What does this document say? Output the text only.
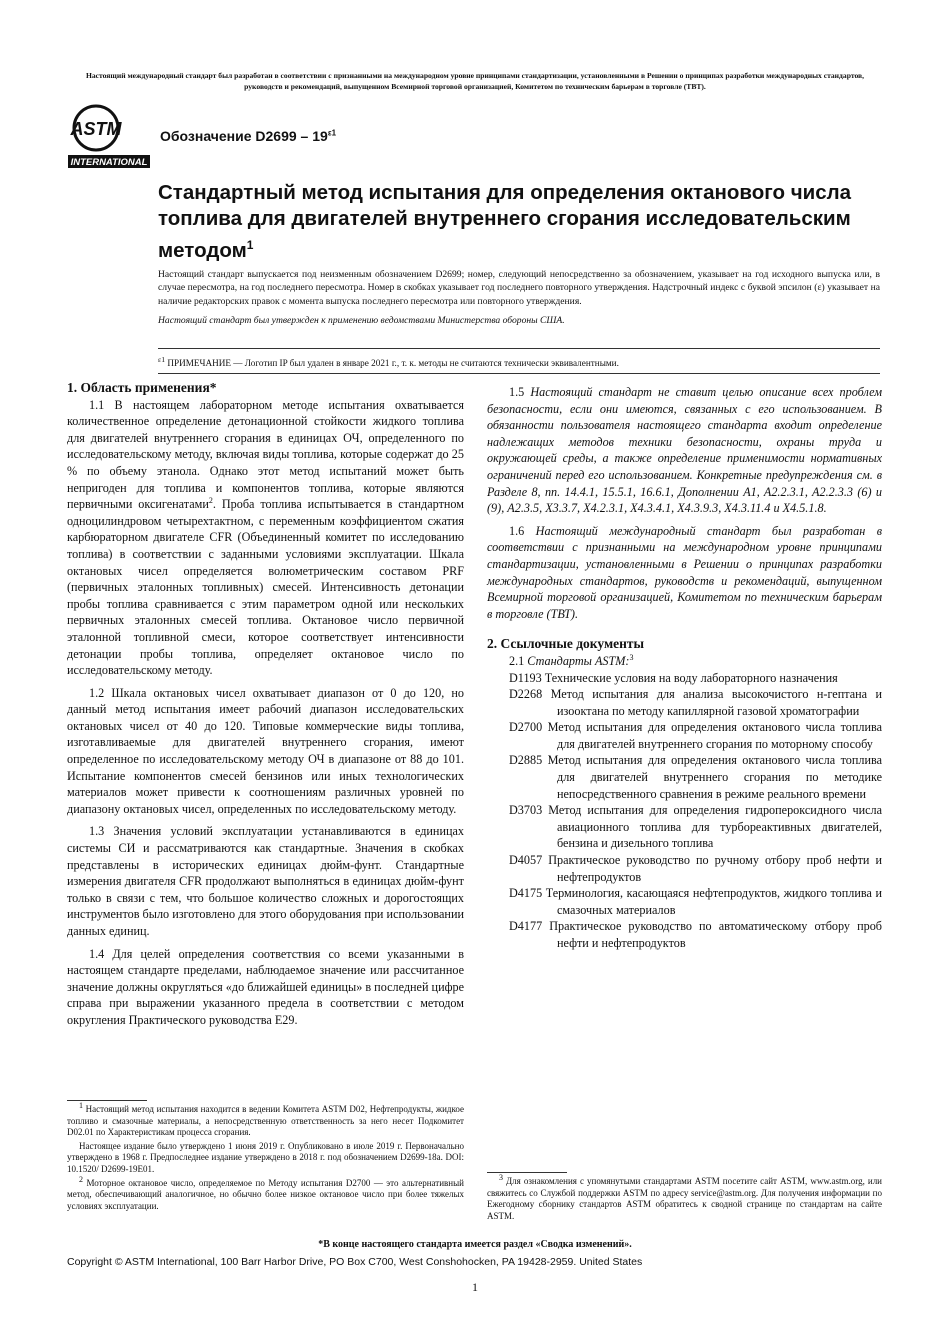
Настоящий международный стандарт был разработан в соответствии с признанными на международном уровне принципами стандартизации, установленными в Решении о принципах разработки международных стандартов, руководств и рекомендаций, выпущенном Всемирной торговой организацией, Комитетом по техническим барьерам в торговле (ТВТ).
ASTM
INTERNATIONAL
Обозначение $D2699 - 19^{\varepsilon 1}$
Стандартный метод испытания для определения октанового числа топлива для двигателей внутреннего сгорания исследовательским методом$^1$

Настоящий стандарт выпускается под неизменным обозначением D2699; номер, следующий непосредственно за обозначением, указывает на год исходного выпуска или, в случае пересмотра, на год последнего пересмотра. Номер в скобках указывает год последнего повторного утверждения. Надстрочный индекс с буквой эпсилон (ε) указывает на наличие редакторских правок с момента выпуска последнего пересмотра или повторного утверждения.

Настоящий стандарт был утвержден к применению ведомствами Министерства обороны США.

$^{\varepsilon 1}$ ПРИМЕЧАНИЕ — Логотип IP был удален в январе 2021 г., т. к. методы не считаются технически эквивалентными.

1. Область применения*

1.1 В настоящем лабораторном методе испытания охватывается количественное определение детонационной стойкости жидкого топлива для двигателей внутреннего сгорания в единицах ОЧ, определенного по исследовательскому методу, включая виды топлива, которые содержат до 25 % по объему этанола. Однако этот метод испытаний может быть непригоден для топлива и компонентов топлива, которые являются первичными оксигенатами$^2$. Проба топлива испытывается в стандартном одноцилиндровом четырехтактном, с переменным коэффициентом сжатия карбюраторном двигателе CFR (Объединенный комитет по исследованию топлива) в соответствии с заданными условиями эксплуатации. Шкала октановых чисел определяется волюметрическим составом PRF (первичных эталонных топливных) смесей. Интенсивность детонации пробы топлива сравнивается с этим параметром одной или нескольких первичных эталонных смесей топлива. Октановое число первичной эталонной топливной смеси, которое соответствует интенсивности детонации пробы топлива, определяет октановое число по исследовательскому методу.

1.2 Шкала октановых чисел охватывает диапазон от 0 до 120, но данный метод испытания имеет рабочий диапазон исследовательских октановых чисел от 40 до 120. Типовые коммерческие виды топлива, изготавливаемые для двигателей внутреннего сгорания, имеют определенное по исследовательскому методу ОЧ в диапазоне от 88 до 101. Испытание компонентов смесей бензинов или иных технологических материалов может привести к соотношениям различных уровней по диапазону октановых чисел, определенных по исследовательскому методу.

1.3 Значения условий эксплуатации устанавливаются в единицах системы СИ и рассматриваются как стандартные. Значения в скобках представлены в исторических единицах дюйм-фунт. Стандартные измерения двигателя CFR продолжают выполняться в единицах дюйм-фунт только в связи с тем, что большое количество сложных и дорогостоящих инструментов было изготовлено для этого оборудования при использовании данных единиц.

1.4 Для целей определения соответствия со всеми указанными в настоящем стандарте пределами, наблюдаемое значение или рассчитанное значение должны округляться «до ближайшей единицы» в последней цифре справа при выражении указанного предела в соответствии с методом округления Практического руководства E29.

1 Настоящий метод испытания находится в ведении Комитета ASTM D02, Нефтепродукты, жидкое топливо и смазочные материалы, а непосредственную ответственность за него несет Подкомитет D02.01 по Характеристикам процесса сгорания.

Настоящее издание было утверждено 1 июня 2019 г. Опубликовано в июле 2019 г. Первоначально утверждено в 1968 г. Предпоследнее издание утверждено в 2018 г. под обозначением D2699-18a. DOI: 10.1520/ D2699-19E01.

2 Моторное октановое число, определяемое по Методу испытания D2700 — это альтернативный метод, обеспечивающий аналогичное, но обычно более низкое октановое число при более тяжелых условиях эксплуатации.

1.5 Настоящий стандарт не ставит целью описание всех проблем безопасности, если они имеются, связанных с его использованием. В обязанности пользователя настоящего стандарта входит определение надлежащих методов техники безопасности, охраны труда и окружающей среды, а также определение применимости нормативных ограничений перед его использованием. Конкретные предупреждения см. в Разделе 8, пп. 14.4.1, 15.5.1, 16.6.1, Дополнении A1, A2.2.3.1, A2.2.3.3 (6) и (9), A2.3.5, X3.3.7, X4.2.3.1, X4.3.4.1, X4.3.9.3, X4.3.11.4 и X4.5.1.8.

1.6 Настоящий международный стандарт был разработан в соответствии с признанными на международном уровне принципами стандартизации, установленными в Решении о принципах разработки международных стандартов, руководств и рекомендаций, выпущенном Всемирной торговой организацией, Комитетом по техническим барьерам в торговле (ТВТ).

2. Ссылочные документы

2.1 Стандарты ASTM:$^3$

D1193 Технические условия на воду лабораторного назначения

D2268 Метод испытания для анализа высокочистого н-гептана и изооктана по методу капиллярной газовой хроматографии

D2700 Метод испытания для определения октанового числа топлива для двигателей внутреннего сгорания по моторному способу

D2885 Метод испытания для определения октанового числа топлива для двигателей внутреннего сгорания по методике непосредственного сравнения в режиме реального времени

D3703 Метод испытания для определения гидропероксидного числа авиационного топлива для турбореактивных двигателей, бензина и дизельного топлива

D4057 Практическое руководство по ручному отбору проб нефти и нефтепродуктов

D4175 Терминология, касающаяся нефтепродуктов, жидкого топлива и смазочных материалов

D4177 Практическое руководство по автоматическому отбору проб нефти и нефтепродуктов

3 Для ознакомления с упомянутыми стандартами ASTM посетите сайт ASTM, www.astm.org, или свяжитесь со Службой поддержки ASTM по адресу service@astm.org. Для получения информации по Ежегодному сборнику стандартов ASTM обратитесь к сводной странице по стандартам на сайте ASTM.

*В конце настоящего стандарта имеется раздел «Сводка изменений».
Copyright © ASTM International, 100 Barr Harbor Drive, PO Box C700, West Conshohocken, PA 19428-2959. United States
1
